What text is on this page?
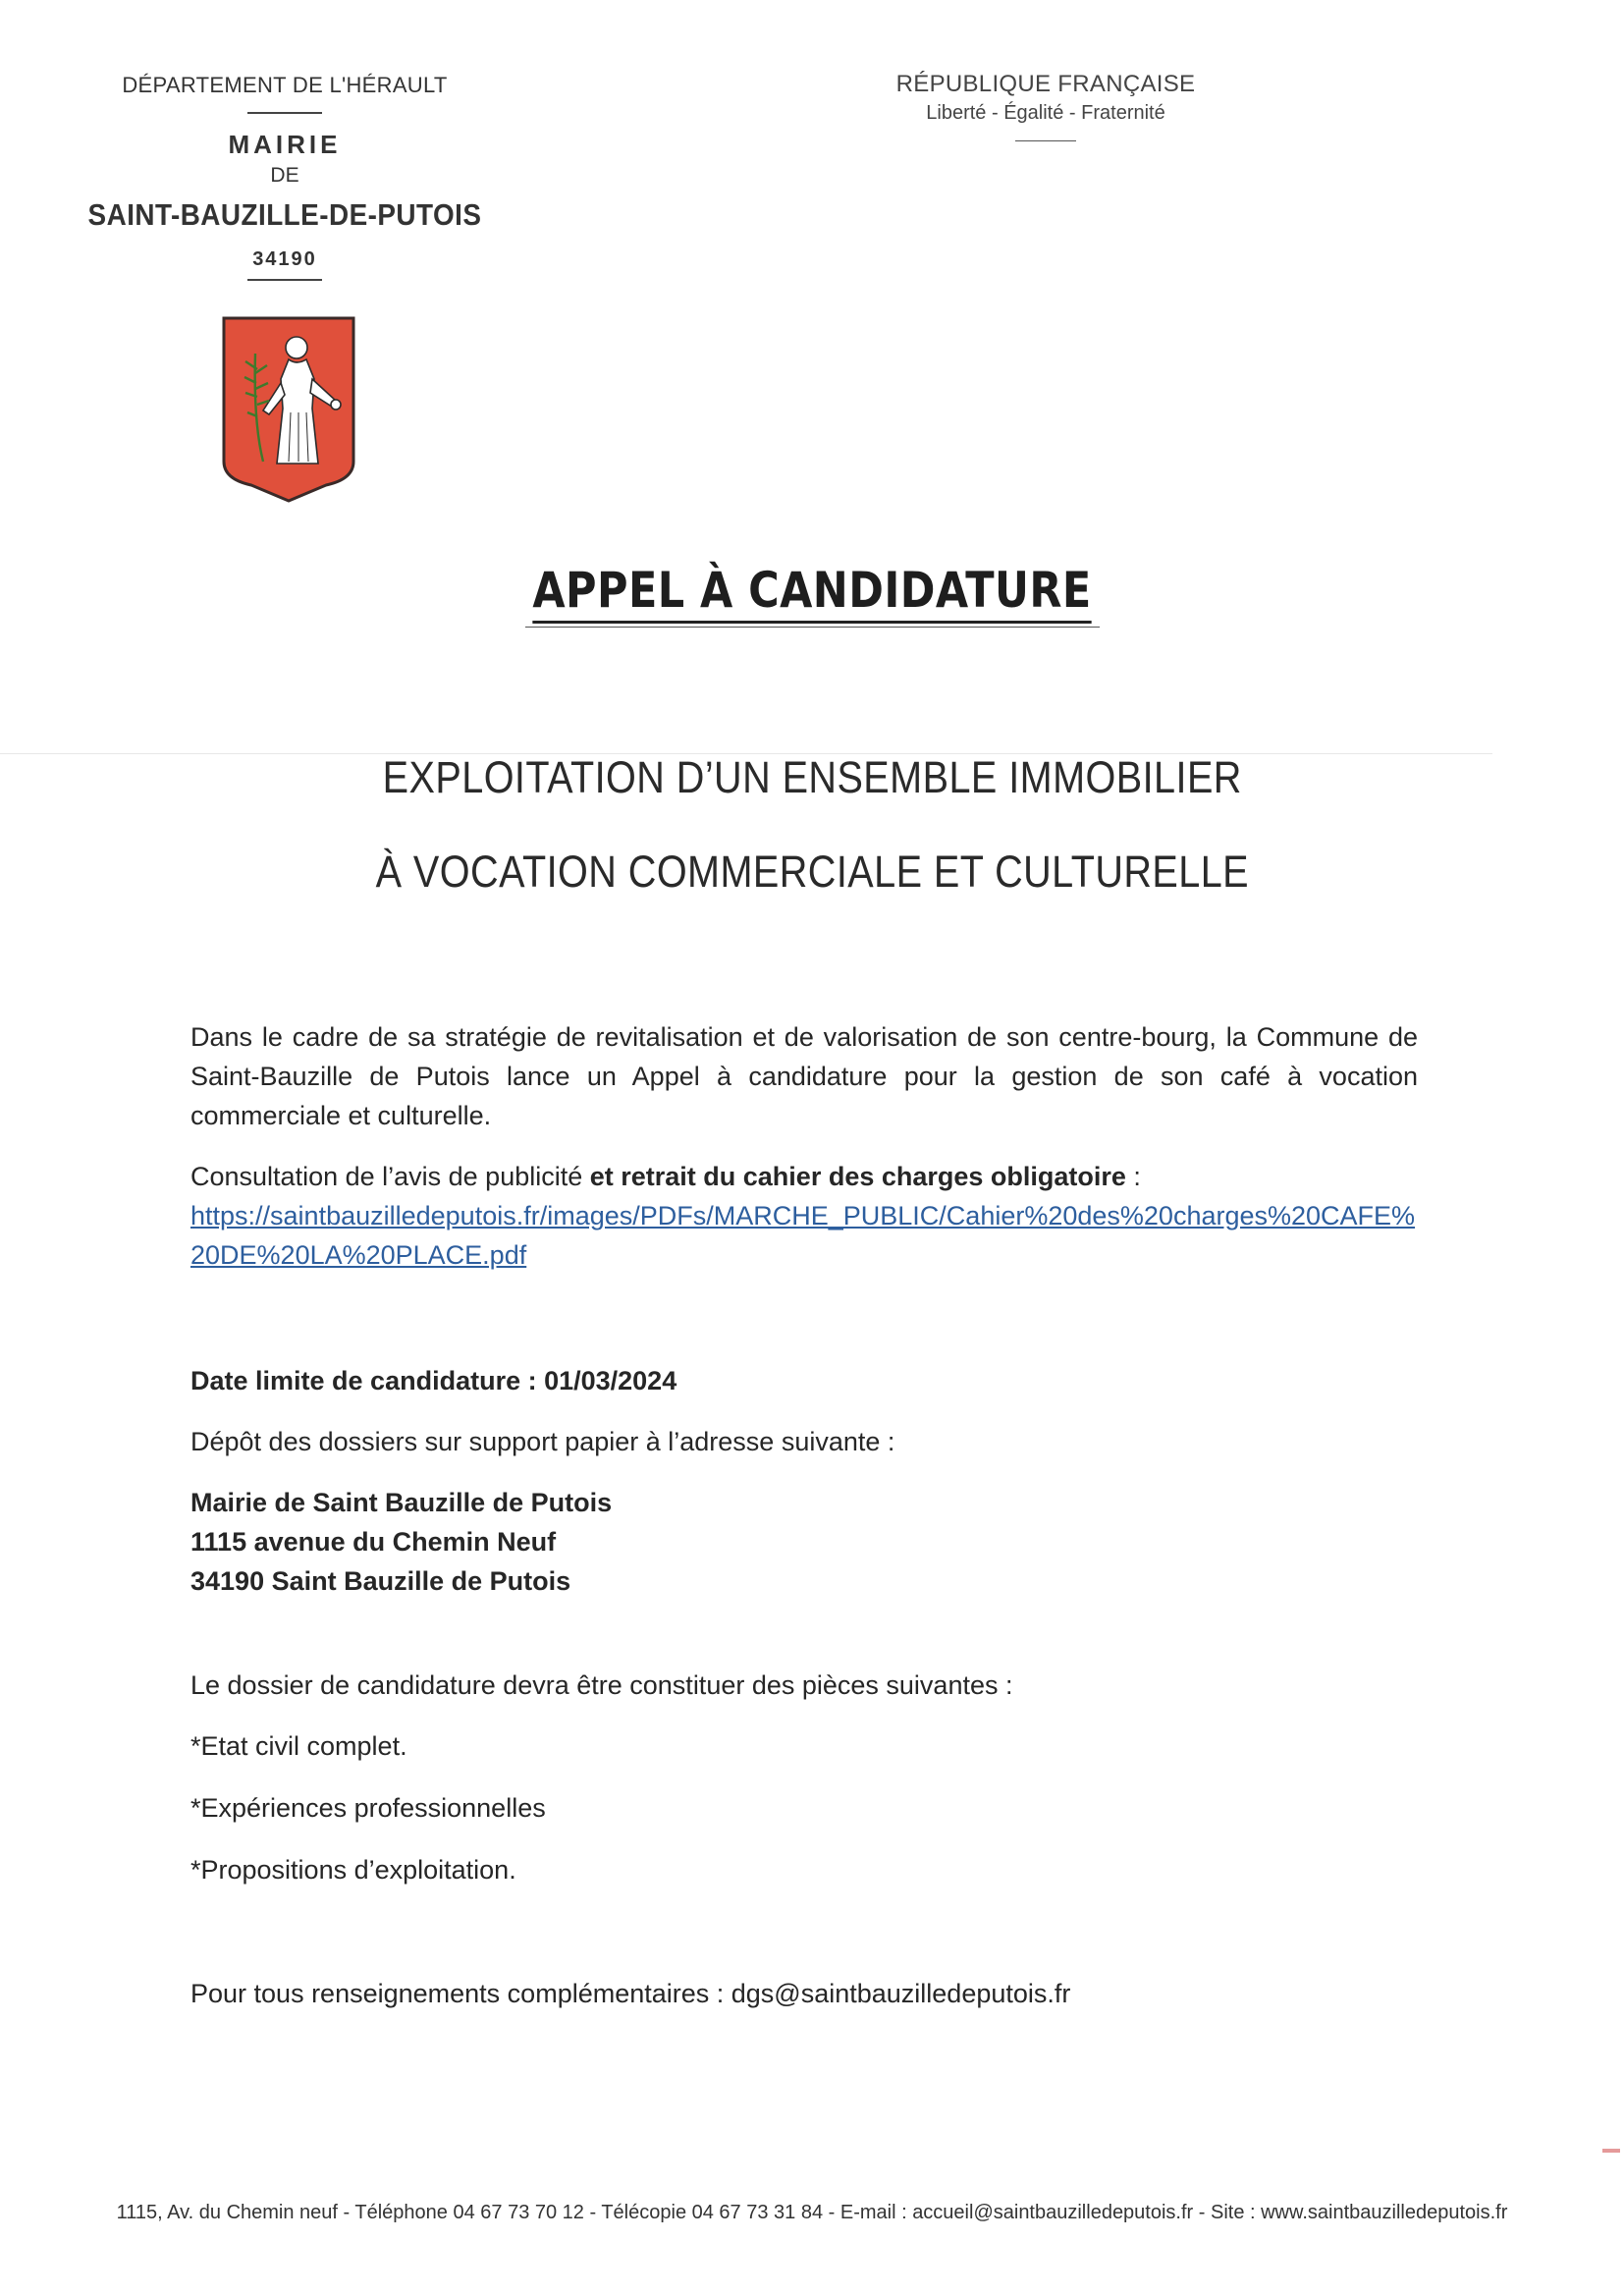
DÉPARTEMENT DE L'HÉRAULT
MAIRIE
DE
SAINT-BAUZILLE-DE-PUTOIS
34190
RÉPUBLIQUE FRANÇAISE
Liberté - Égalité - Fraternité
APPEL À CANDIDATURE
EXPLOITATION D’UN ENSEMBLE IMMOBILIER
À VOCATION COMMERCIALE ET CULTURELLE
Dans le cadre de sa stratégie de revitalisation et de valorisation de son centre-bourg, la Commune de Saint-Bauzille de Putois lance un Appel à candidature pour la gestion de son café à vocation commerciale et culturelle.
Consultation de l’avis de publicité et retrait du cahier des charges obligatoire :
https://saintbauzilledeputois.fr/images/PDFs/MARCHE_PUBLIC/Cahier%20des%20charges%20CAFE%20DE%20LA%20PLACE.pdf
Date limite de candidature : 01/03/2024
Dépôt des dossiers sur support papier à l’adresse suivante :
Mairie de Saint Bauzille de Putois
1115 avenue du Chemin Neuf
34190 Saint Bauzille de Putois
Le dossier de candidature devra être constituer des pièces suivantes :
*Etat civil complet.
*Expériences professionnelles
*Propositions d’exploitation.
Pour tous renseignements complémentaires : dgs@saintbauzilledeputois.fr
1115, Av. du Chemin neuf - Téléphone 04 67 73 70 12 - Télécopie 04 67 73 31 84 - E-mail : accueil@saintbauzilledeputois.fr - Site : www.saintbauzilledeputois.fr
